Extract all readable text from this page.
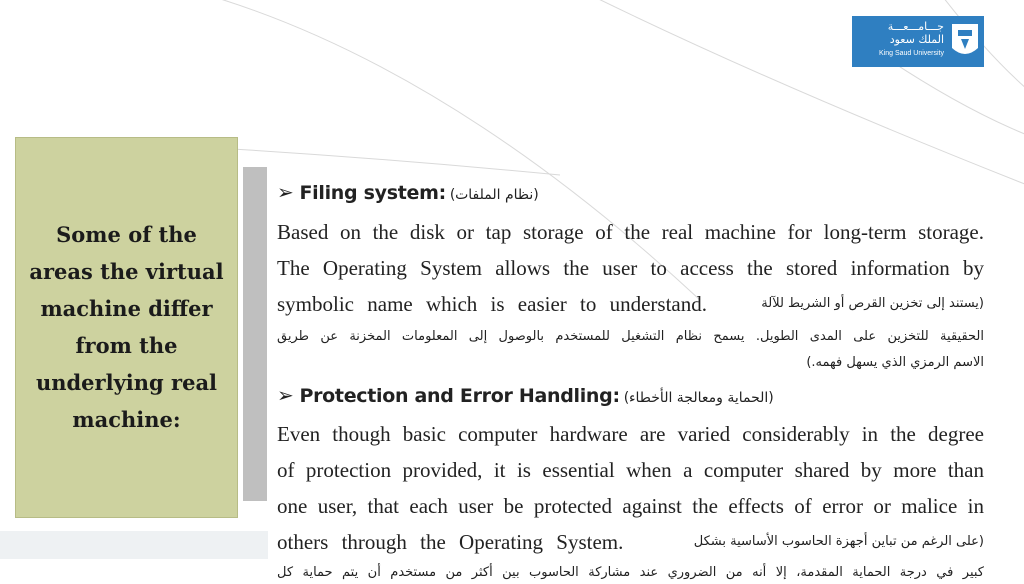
جـــامـــعـــة
الملك سعود
King Saud University
Some of the areas the virtual machine differ from the underlying real machine:
➢ Filing system: (نظام الملفات)
Based on the disk or tap storage of the real machine for long-term storage.
The Operating System allows the user to access the stored information by
symbolic name which is easier to understand.	(يستند إلى تخزين القرص أو الشريط للآلة
الحقيقية للتخزين على المدى الطويل. يسمح نظام التشغيل للمستخدم بالوصول إلى المعلومات المخزنة عن طريق
الاسم الرمزي الذي يسهل فهمه.)
➢ Protection and Error Handling: (الحماية ومعالجة الأخطاء)
Even though basic computer hardware are varied considerably in the degree
of protection provided, it is essential when a computer shared by more than
one user, that each user be protected against the effects of error or malice in
others through the Operating System.	(على الرغم من تباين أجهزة الحاسوب الأساسية بشكل
كبير في درجة الحماية المقدمة، إلا أنه من الضروري عند مشاركة الحاسوب بين أكثر من مستخدم أن يتم حماية كل
